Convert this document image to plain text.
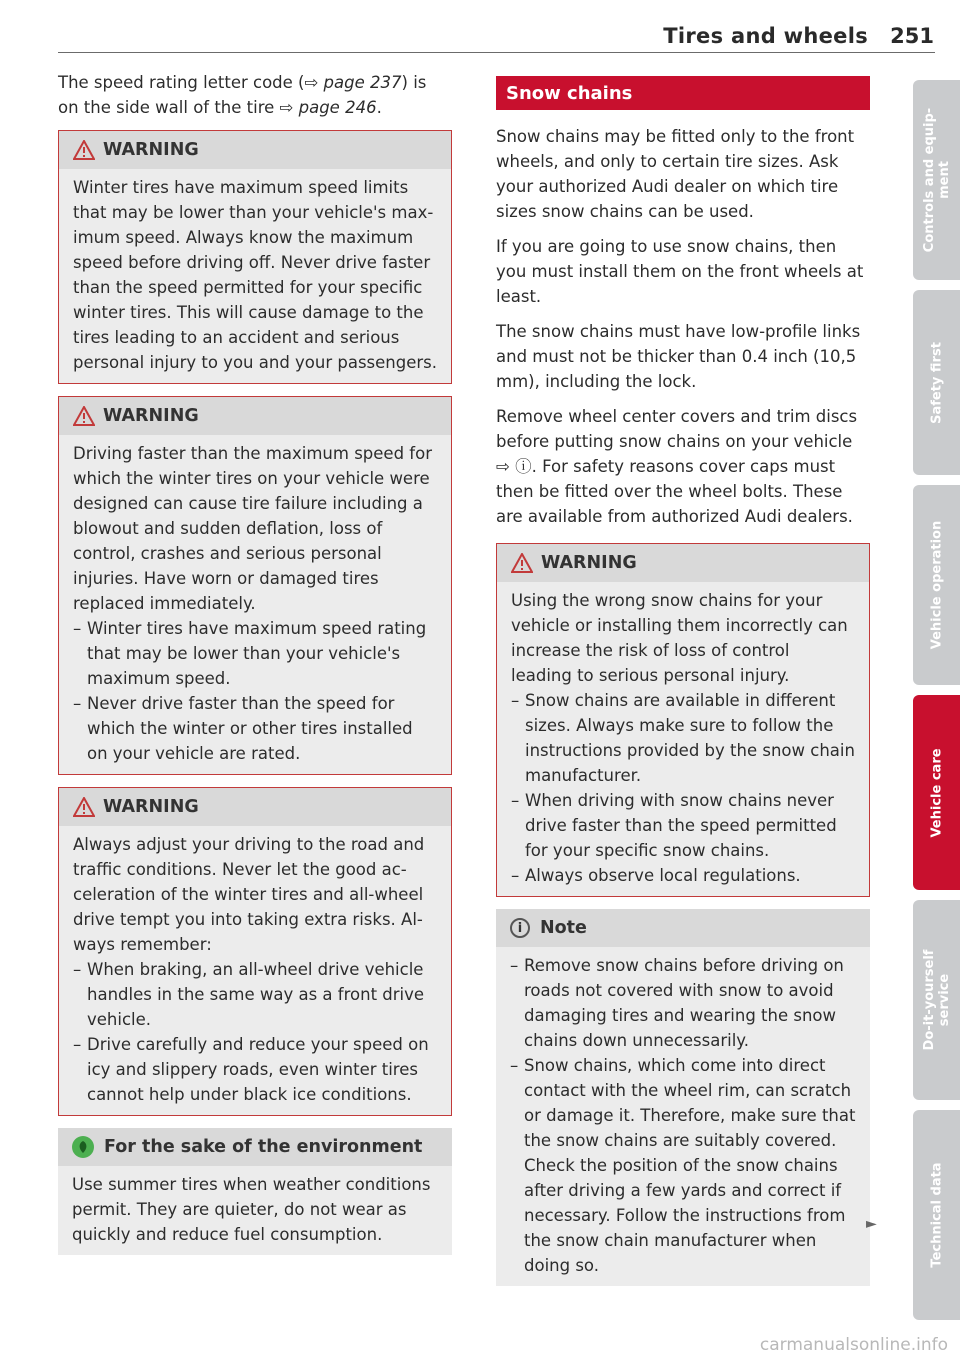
Tires and wheels 251

The speed rating letter code (⇨ page 237) is on the side wall of the tire ⇨ page 246.

WARNING

Winter tires have maximum speed limits that may be lower than your vehicle's maximum speed. Always know the maximum speed before driving off. Never drive faster than the speed permitted for your specific winter tires. This will cause damage to the tires leading to an accident and serious personal injury to you and your passengers.

WARNING

Driving faster than the maximum speed for which the winter tires on your vehicle were designed can cause tire failure including a blowout and sudden deflation, loss of control, crashes and serious personal injuries. Have worn or damaged tires replaced immediately.

– Winter tires have maximum speed rating that may be lower than your vehicle's maximum speed.
– Never drive faster than the speed for which the winter or other tires installed on your vehicle are rated.
WARNING

Always adjust your driving to the road and traffic conditions. Never let the good acceleration of the winter tires and all-wheel drive tempt you into taking extra risks. Always remember:

– When braking, an all-wheel drive vehicle handles in the same way as a front drive vehicle.
– Drive carefully and reduce your speed on icy and slippery roads, even winter tires cannot help under black ice conditions.
For the sake of the environment

Use summer tires when weather conditions permit. They are quieter, do not wear as quickly and reduce fuel consumption.

Snow chains

Snow chains may be fitted only to the front wheels, and only to certain tire sizes. Ask your authorized Audi dealer on which tire sizes snow chains can be used.

If you are going to use snow chains, then you must install them on the front wheels at least.

The snow chains must have low-profile links and must not be thicker than 0.4 inch (10,5 mm), including the lock.

Remove wheel center covers and trim discs before putting snow chains on your vehicle ⇨ ⓘ. For safety reasons cover caps must then be fitted over the wheel bolts. These are available from authorized Audi dealers.

WARNING

Using the wrong snow chains for your vehicle or installing them incorrectly can increase the risk of loss of control leading to serious personal injury.

– Snow chains are available in different sizes. Always make sure to follow the instructions provided by the snow chain manufacturer.
– When driving with snow chains never drive faster than the speed permitted for your specific snow chains.
– Always observe local regulations.
i	Note
– Remove snow chains before driving on roads not covered with snow to avoid damaging tires and wearing the snow chains down unnecessarily.
– Snow chains, which come into direct contact with the wheel rim, can scratch or damage it. Therefore, make sure that the snow chains are suitably covered. Check the position of the snow chains after driving a few yards and correct if necessary. Follow the instructions from the snow chain manufacturer when doing so.
►
Controls and equip-
ment
Safety first
Vehicle operation
Vehicle care
Do-it-yourself
service
Technical data
carmanualsonline.info
